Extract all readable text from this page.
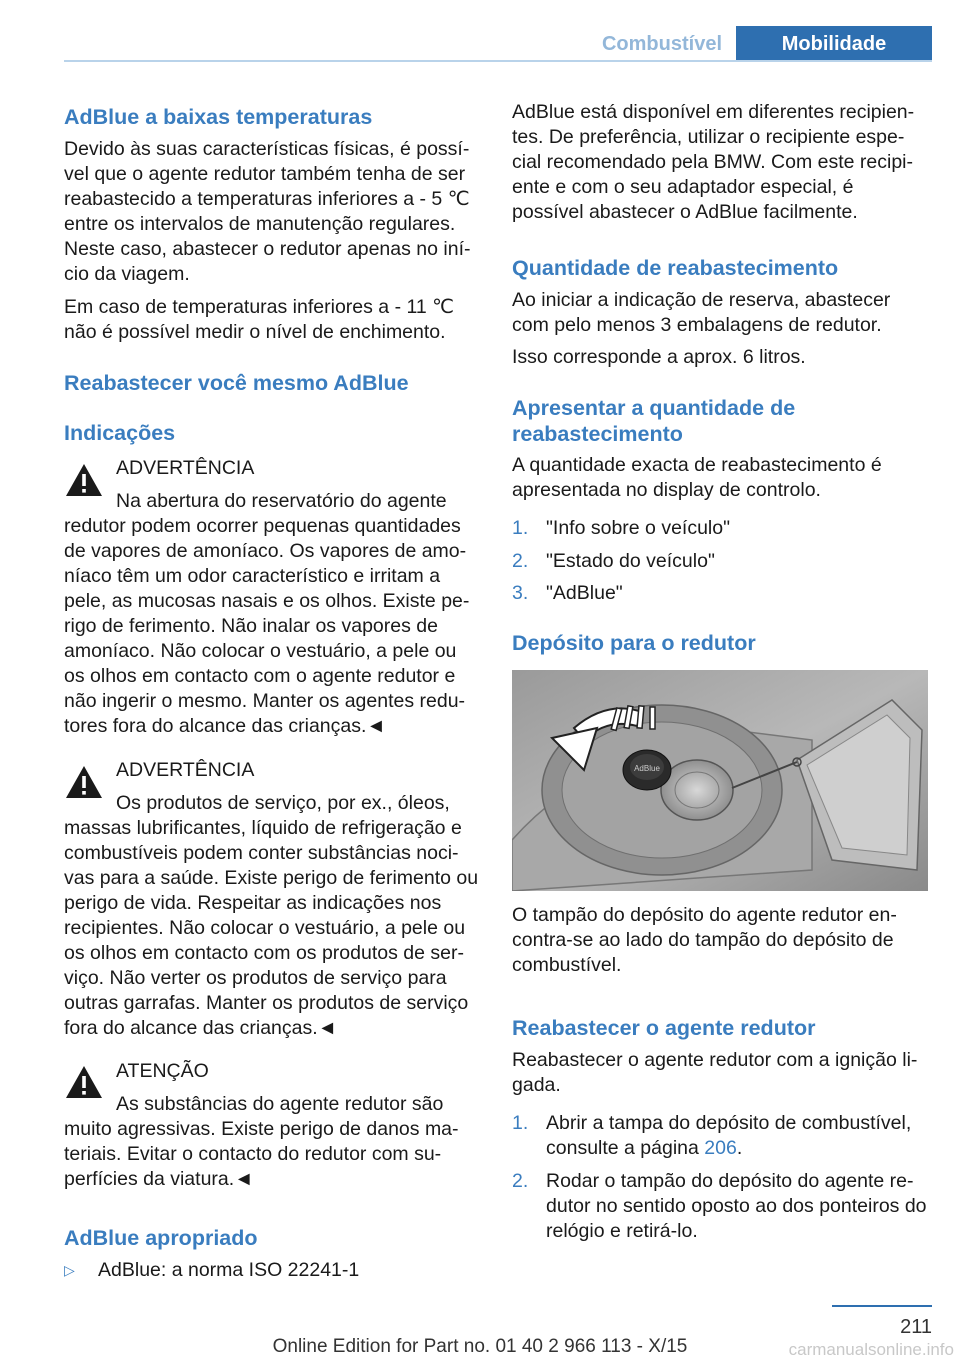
Combustível	Mobilidade
AdBlue a baixas temperaturas

Devido às suas características físicas, é possí- vel que o agente redutor também tenha de ser reabastecido a temperaturas inferiores a - 5 ℃ entre os intervalos de manutenção regulares. Neste caso, abastecer o redutor apenas no iní- cio da viagem.

Em caso de temperaturas inferiores a - 11 ℃ não é possível medir o nível de enchimento.

Reabastecer você mesmo AdBlue
Indicações
ADVERTÊNCIA

Na abertura do reservatório do agente redutor podem ocorrer pequenas quantidades de vapores de amoníaco. Os vapores de amo- níaco têm um odor característico e irritam a pele, as mucosas nasais e os olhos. Existe pe- rigo de ferimento. Não inalar os vapores de amoníaco. Não colocar o vestuário, a pele ou os olhos em contacto com o agente redutor e não ingerir o mesmo. Manter os agentes redu- tores fora do alcance das crianças.◄
ADVERTÊNCIA
Os produtos de serviço, por ex., óleos, massas lubrificantes, líquido de refrigeração e combustíveis podem conter substâncias noci- vas para a saúde. Existe perigo de ferimento ou perigo de vida. Respeitar as indicações nos recipientes. Não colocar o vestuário, a pele ou os olhos em contacto com os produtos de ser- viço. Não verter os produtos de serviço para outras garrafas. Manter os produtos de serviço fora do alcance das crianças.◄
ATENÇÃO
As substâncias do agente redutor são muito agressivas. Existe perigo de danos ma- teriais. Evitar o contacto do redutor com su- perfícies da viatura.◄
AdBlue apropriado
▷ AdBlue: a norma ISO 22241-1

AdBlue está disponível em diferentes recipien- tes. De preferência, utilizar o recipiente espe- cial recomendado pela BMW. Com este recipi- ente e com o seu adaptador especial, é possível abastecer o AdBlue facilmente.

Quantidade de reabastecimento

Ao iniciar a indicação de reserva, abastecer com pelo menos 3 embalagens de redutor.

Isso corresponde a aprox. 6 litros.

Apresentar a quantidade de reabastecimento

A quantidade exacta de reabastecimento é apresentada no display de controlo.

1. "Info sobre o veículo"
2. "Estado do veículo"
3. "AdBlue"
Depósito para o redutor
AdBlue

O tampão do depósito do agente redutor en- contra-se ao lado do tampão do depósito de combustível.

Reabastecer o agente redutor

Reabastecer o agente redutor com a ignição li- gada.

1. Abrir a tampa do depósito de combustível, consulte a página 206.
2. Rodar o tampão do depósito do agente re- dutor no sentido oposto ao dos ponteiros do relógio e retirá-lo.
211
Online Edition for Part no. 01 40 2 966 113 - X/15	carmanualsonline.info
